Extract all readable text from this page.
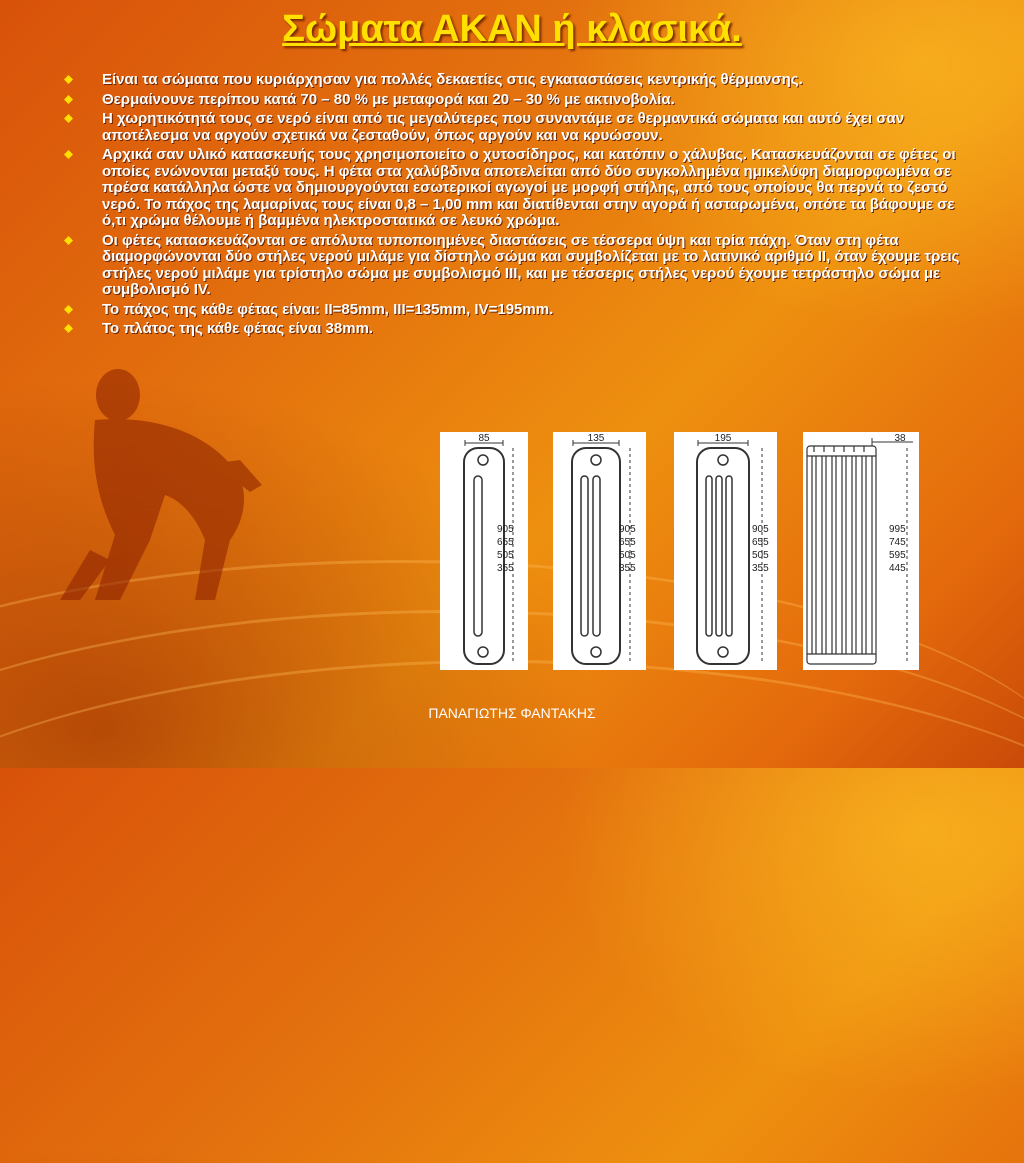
Σώματα ΑΚΑΝ ή κλασικά.
Είναι τα σώματα που κυριάρχησαν για πολλές δεκαετίες στις εγκαταστάσεις κεντρικής θέρμανσης.
Θερμαίνουνε περίπου κατά 70 – 80 % με μεταφορά και 20 – 30 % με ακτινοβολία.
Η χωρητικότητά τους σε νερό είναι από τις μεγαλύτερες που συναντάμε σε θερμαντικά σώματα και αυτό έχει σαν αποτέλεσμα να αργούν σχετικά να ζεσταθούν, όπως αργούν και να κρυώσουν.
Αρχικά σαν υλικό κατασκευής τους χρησιμοποιείτο ο χυτοσίδηρος, και κατόπιν ο χάλυβας. Κατασκευάζονται σε φέτες οι οποίες ενώνονται μεταξύ τους. Η φέτα στα χαλύβδινα αποτελείται από δύο συγκολλημένα ημικελύφη διαμορφωμένα σε πρέσα κατάλληλα ώστε να δημιουργούνται εσωτερικοί αγωγοί με μορφή στήλης, από τους οποίους θα περνά το ζεστό νερό. Το πάχος της λαμαρίνας τους είναι 0,8 – 1,00 mm και διατίθενται στην αγορά ή ασταρωμένα, οπότε τα βάφουμε σε ό,τι χρώμα θέλουμε ή βαμμένα ηλεκτροστατικά σε λευκό χρώμα.
Οι φέτες κατασκευάζονται σε απόλυτα τυποποιημένες διαστάσεις σε τέσσερα ύψη και τρία πάχη. Όταν στη φέτα διαμορφώνονται δύο στήλες νερού μιλάμε για δίστηλο σώμα και συμβολίζεται με το λατινικό αριθμό ΙΙ, όταν έχουμε τρεις στήλες νερού μιλάμε για τρίστηλο σώμα με συμβολισμό ΙΙΙ, και με τέσσερις στήλες νερού έχουμε τετράστηλο σώμα με συμβολισμό IV.
Το πάχος της κάθε φέτας είναι: ΙΙ=85mm, ΙΙΙ=135mm, ΙV=195mm.
Το πλάτος της κάθε φέτας είναι 38mm.
85
905
655
505
355
135
905
655
505
355
195
905
655
505
355
38
995
745
595
445
ΠΑΝΑΓΙΩΤΗΣ ΦΑΝΤΑΚΗΣ
